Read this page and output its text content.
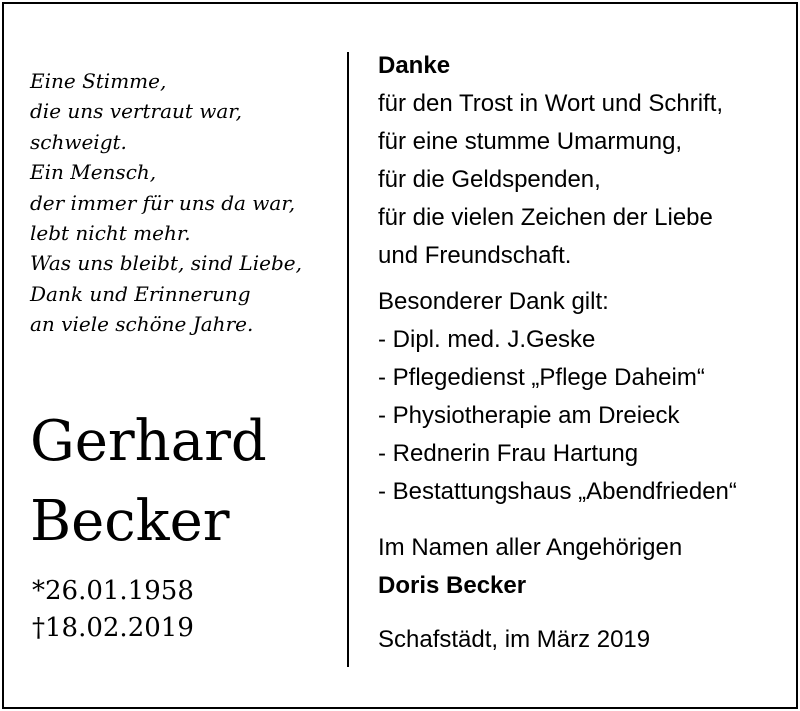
Eine Stimme,
die uns vertraut war,
schweigt.
Ein Mensch,
der immer für uns da war,
lebt nicht mehr.
Was uns bleibt, sind Liebe,
Dank und Erinnerung
an viele schöne Jahre.
Gerhard
Becker
*26.01.1958
†18.02.2019
Danke
für den Trost in Wort und Schrift,
für eine stumme Umarmung,
für die Geldspenden,
für die vielen Zeichen der Liebe
und Freundschaft.
Besonderer Dank gilt:
- Dipl. med. J.Geske
- Pflegedienst „Pflege Daheim“
- Physiotherapie am Dreieck
- Rednerin Frau Hartung
- Bestattungshaus „Abendfrieden“
Im Namen aller Angehörigen
Doris Becker
Schafstädt, im März 2019
